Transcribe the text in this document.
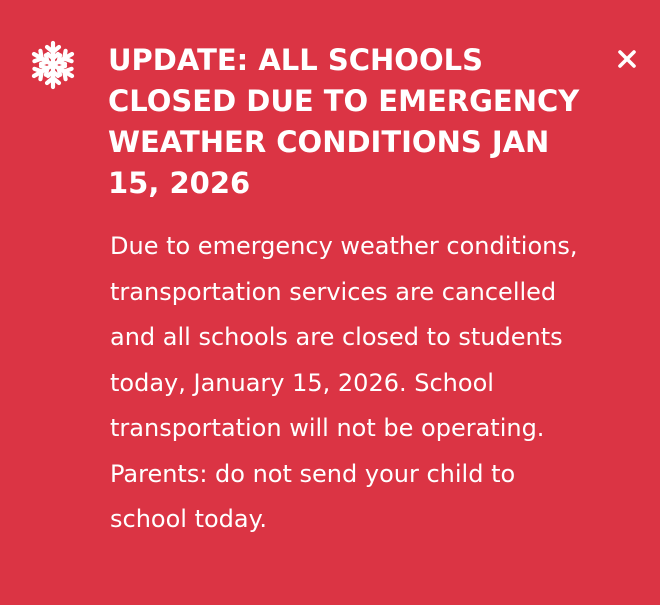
UPDATE: ALL SCHOOLS CLOSED DUE TO EMERGENCY WEATHER CONDITIONS JAN 15, 2026

Due to emergency weather conditions, transportation services are cancelled and all schools are closed to students today, January 15, 2026. School transportation will not be operating. Parents: do not send your child to school today.
